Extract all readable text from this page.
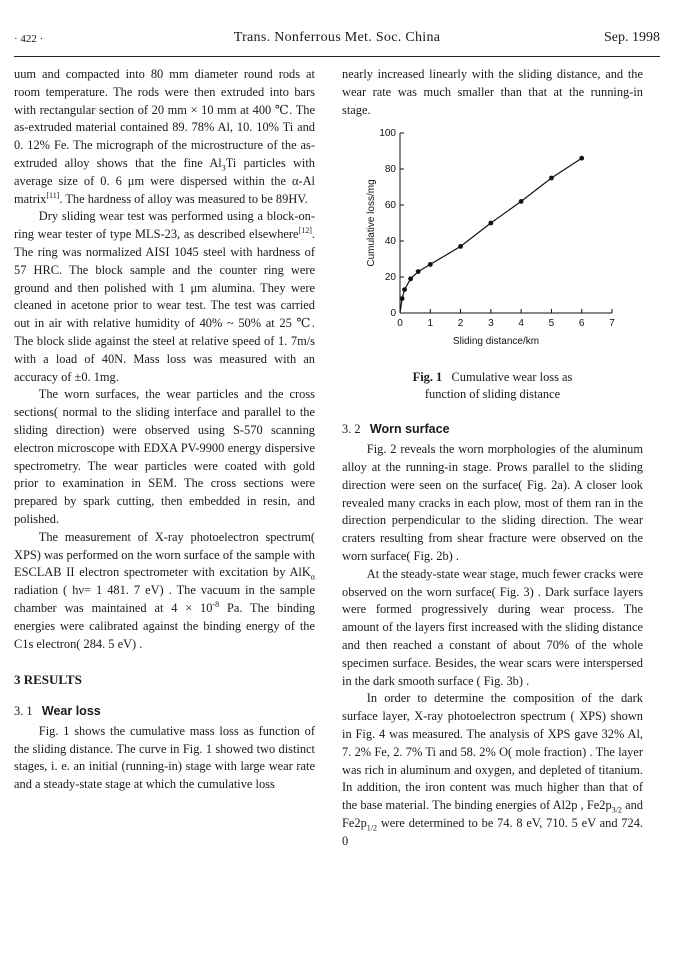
· 422 ·	Trans. Nonferrous Met. Soc. China	Sep. 1998

uum and compacted into 80 mm diameter round rods at room temperature. The rods were then extruded into bars with rectangular section of 20 mm × 10 mm at 400 ℃. The as-extruded material contained 89. 78% Al, 10. 10% Ti and 0. 12% Fe. The micrograph of the microstructure of the as-extruded alloy shows that the fine $Al_3Ti$ particles with average size of 0. 6 μm were dispersed within the α-Al matrix[11]. The hardness of alloy was measured to be 89HV.

Dry sliding wear test was performed using a block-on-ring wear tester of type MLS-23, as described elsewhere[12]. The ring was normalized AISI 1045 steel with hardness of 57 HRC. The block sample and the counter ring were ground and then polished with 1 μm alumina. They were cleaned in acetone prior to wear test. The test was carried out in air with relative humidity of 40% ~ 50% at 25 ℃. The block slide against the steel at relative speed of 1. 7m/s with a load of 40N. Mass loss was measured with an accuracy of ±0. 1mg.

The worn surfaces, the wear particles and the cross sections( normal to the sliding interface and parallel to the sliding direction) were observed using S-570 scanning electron microscope with EDXA PV-9900 energy dispersive spectrometry. The wear particles were coated with gold prior to examination in SEM. The cross sections were prepared by spark cutting, then embedded in resin, and polished.

The measurement of X-ray photoelectron spectrum( XPS) was performed on the worn surface of the sample with ESCLAB II electron spectrometer with excitation by AlK$_\alpha$ radiation ( hν= 1 481. 7 eV) . The vacuum in the sample chamber was maintained at $4 \times 10^{-8}$ Pa. The binding energies were calibrated against the binding energy of the C1s electron( 284. 5 eV) .

3 RESULTS

3. 1 Wear loss

Fig. 1 shows the cumulative mass loss as function of the sliding distance. The curve in Fig. 1 showed two distinct stages, i. e. an initial (running-in) stage with large wear rate and a steady-state stage at which the cumulative loss

nearly increased linearly with the sliding distance, and the wear rate was much smaller than that at the running-in stage.

0
20
40
60
80
100
0 1 2 3 4 5 6 7
Sliding distance/km
Cumulative loss/mg

Fig. 1 Cumulative wear loss as
function of sliding distance

3. 2 Worn surface

Fig. 2 reveals the worn morphologies of the aluminum alloy at the running-in stage. Prows parallel to the sliding direction were seen on the surface( Fig. 2a). A closer look revealed many cracks in each plow, most of them ran in the direction perpendicular to the sliding direction. The wear craters resulting from shear fracture were observed on the worn surface( Fig. 2b) .

At the steady-state wear stage, much fewer cracks were observed on the worn surface( Fig. 3) . Dark surface layers were formed progressively during wear process. The amount of the layers first increased with the sliding distance and then reached a constant of about 70% of the whole specimen surface. Besides, the wear scars were interspersed in the dark smooth surface ( Fig. 3b) .

In order to determine the composition of the dark surface layer, X-ray photoelectron spectrum ( XPS) shown in Fig. 4 was measured. The analysis of XPS gave 32% Al, 7. 2% Fe, 2. 7% Ti and 58. 2% O( mole fraction) . The layer was rich in aluminum and oxygen, and depleted of titanium. In addition, the iron content was much higher than that of the base material. The binding energies of Al2p , $Fe2p_{3/2}$ and $Fe2p_{1/2}$ were determined to be 74. 8 eV, 710. 5 eV and 724. 0
